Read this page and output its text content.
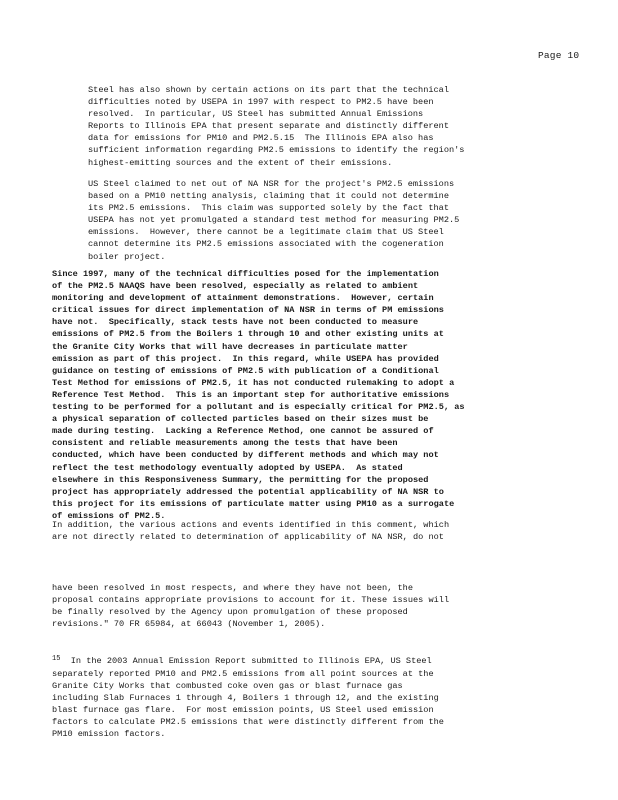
Page 10

Steel has also shown by certain actions on its part that the technical
difficulties noted by USEPA in 1997 with respect to PM2.5 have been
resolved.  In particular, US Steel has submitted Annual Emissions
Reports to Illinois EPA that present separate and distinctly different
data for emissions for PM10 and PM2.5.15  The Illinois EPA also has
sufficient information regarding PM2.5 emissions to identify the region's
highest-emitting sources and the extent of their emissions.

US Steel claimed to net out of NA NSR for the project's PM2.5 emissions
based on a PM10 netting analysis, claiming that it could not determine
its PM2.5 emissions.  This claim was supported solely by the fact that
USEPA has not yet promulgated a standard test method for measuring PM2.5
emissions.  However, there cannot be a legitimate claim that US Steel
cannot determine its PM2.5 emissions associated with the cogeneration
boiler project.

Since 1997, many of the technical difficulties posed for the implementation
of the PM2.5 NAAQS have been resolved, especially as related to ambient
monitoring and development of attainment demonstrations.  However, certain
critical issues for direct implementation of NA NSR in terms of PM emissions
have not.  Specifically, stack tests have not been conducted to measure
emissions of PM2.5 from the Boilers 1 through 10 and other existing units at
the Granite City Works that will have decreases in particulate matter
emission as part of this project.  In this regard, while USEPA has provided
guidance on testing of emissions of PM2.5 with publication of a Conditional
Test Method for emissions of PM2.5, it has not conducted rulemaking to adopt a
Reference Test Method.  This is an important step for authoritative emissions
testing to be performed for a pollutant and is especially critical for PM2.5, as
a physical separation of collected particles based on their sizes must be
made during testing.  Lacking a Reference Method, one cannot be assured of
consistent and reliable measurements among the tests that have been
conducted, which have been conducted by different methods and which may not
reflect the test methodology eventually adopted by USEPA.  As stated
elsewhere in this Responsiveness Summary, the permitting for the proposed
project has appropriately addressed the potential applicability of NA NSR to
this project for its emissions of particulate matter using PM10 as a surrogate
of emissions of PM2.5.

In addition, the various actions and events identified in this comment, which
are not directly related to determination of applicability of NA NSR, do not

have been resolved in most respects, and where they have not been, the
proposal contains appropriate provisions to account for it. These issues will
be finally resolved by the Agency upon promulgation of these proposed
revisions." 70 FR 65984, at 66043 (November 1, 2005).

$^{15}$  In the 2003 Annual Emission Report submitted to Illinois EPA, US Steel
separately reported PM10 and PM2.5 emissions from all point sources at the
Granite City Works that combusted coke oven gas or blast furnace gas
including Slab Furnaces 1 through 4, Boilers 1 through 12, and the existing
blast furnace gas flare.  For most emission points, US Steel used emission
factors to calculate PM2.5 emissions that were distinctly different from the
PM10 emission factors.
